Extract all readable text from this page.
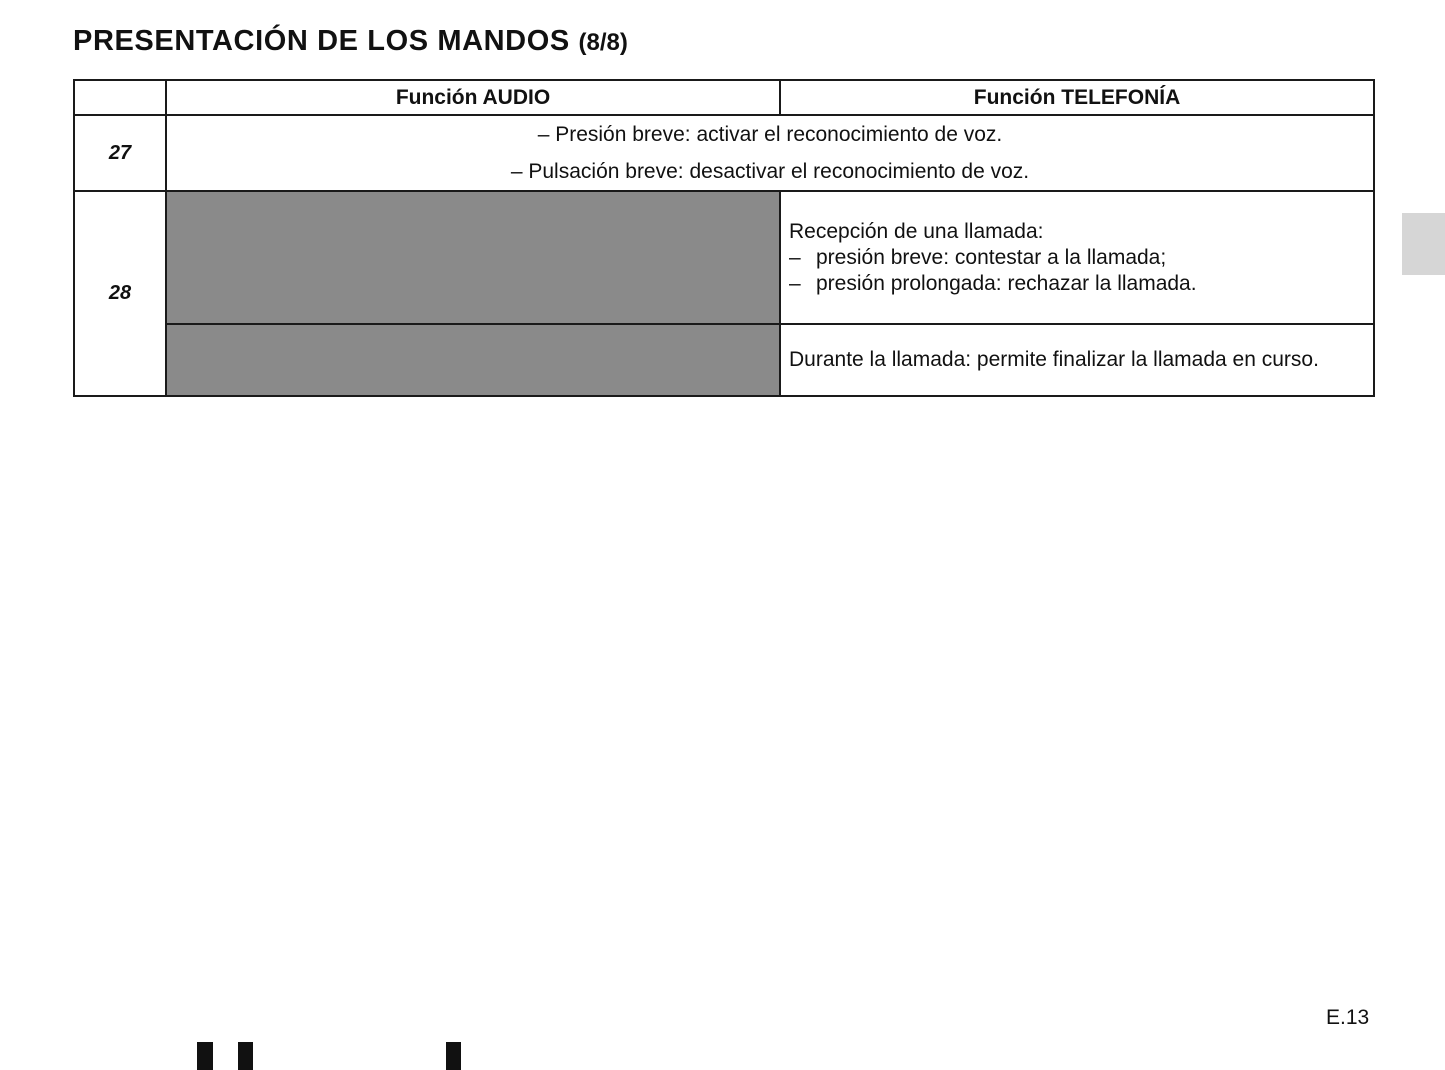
PRESENTACIÓN DE LOS MANDOS (8/8)
	Función AUDIO	Función TELEFONÍA
27	– Presión breve: activar el reconocimiento de voz.
– Pulsación breve: desactivar el reconocimiento de voz.	

28		Recepción de una llamada:
– presión breve: contestar a la llamada;
– presión prolongada: rechazar la llamada.

		Durante la llamada: permite finalizar la llamada en curso.
E.13
